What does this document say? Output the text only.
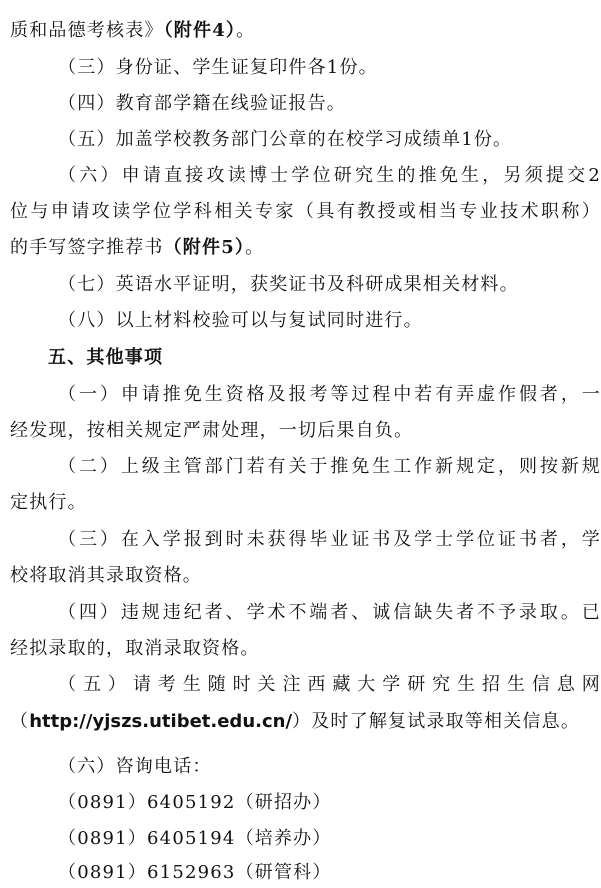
质和品德考核表》（附件4）。
（三）身份证、学生证复印件各1份。
（四）教育部学籍在线验证报告。
（五）加盖学校教务部门公章的在校学习成绩单1份。
（六）申请直接攻读博士学位研究生的推免生，另须提交2
位与申请攻读学位学科相关专家（具有教授或相当专业技术职称）
的手写签字推荐书（附件5）。
（七）英语水平证明，获奖证书及科研成果相关材料。
（八）以上材料校验可以与复试同时进行。
五、其他事项
（一）申请推免生资格及报考等过程中若有弄虚作假者，一
经发现，按相关规定严肃处理，一切后果自负。
（二）上级主管部门若有关于推免生工作新规定，则按新规
定执行。
（三）在入学报到时未获得毕业证书及学士学位证书者，学
校将取消其录取资格。
（四）违规违纪者、学术不端者、诚信缺失者不予录取。已
经拟录取的，取消录取资格。
（五）请考生随时关注西藏大学研究生招生信息网
（http://yjszs.utibet.edu.cn/）及时了解复试录取等相关信息。
（六）咨询电话：
（0891）6405192（研招办）
（0891）6405194（培养办）
（0891）6152963（研管科）
